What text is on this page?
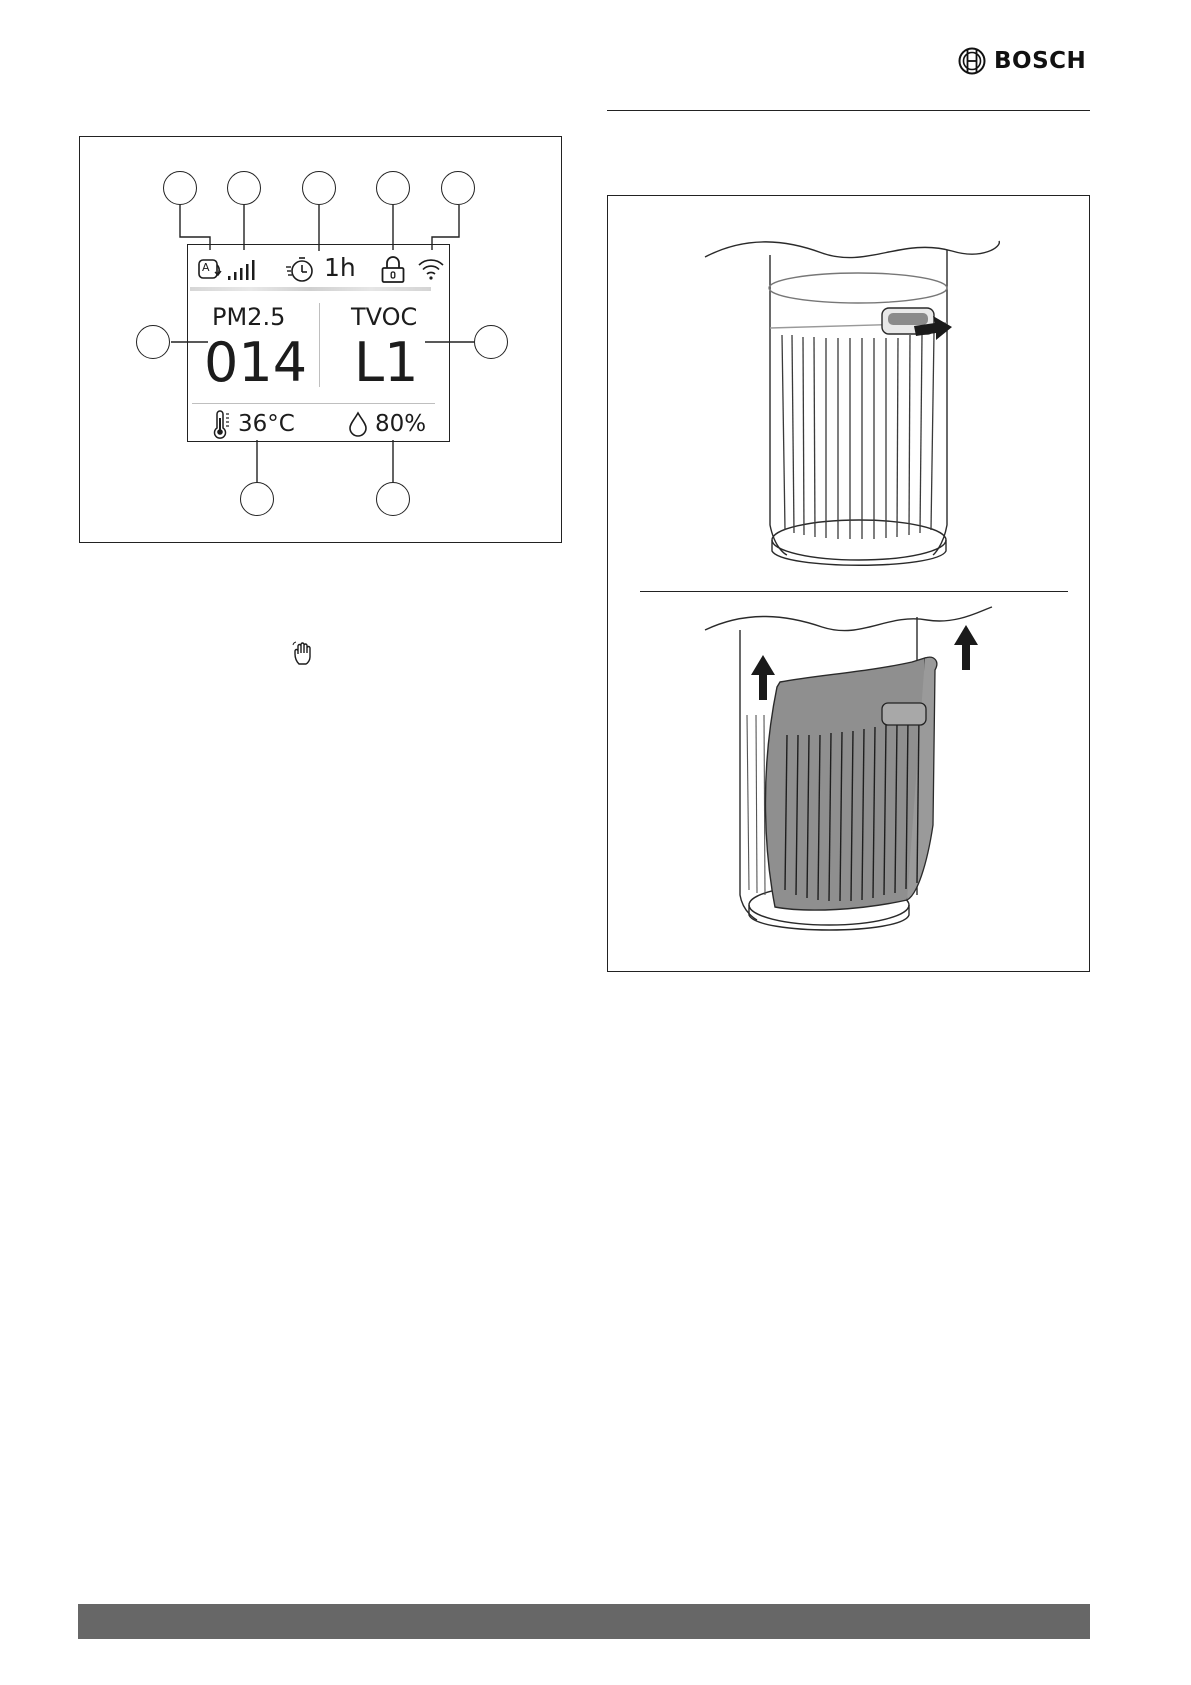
BOSCH
A	1h
PM2.5
014
TVOC
L1
36°C	80%
